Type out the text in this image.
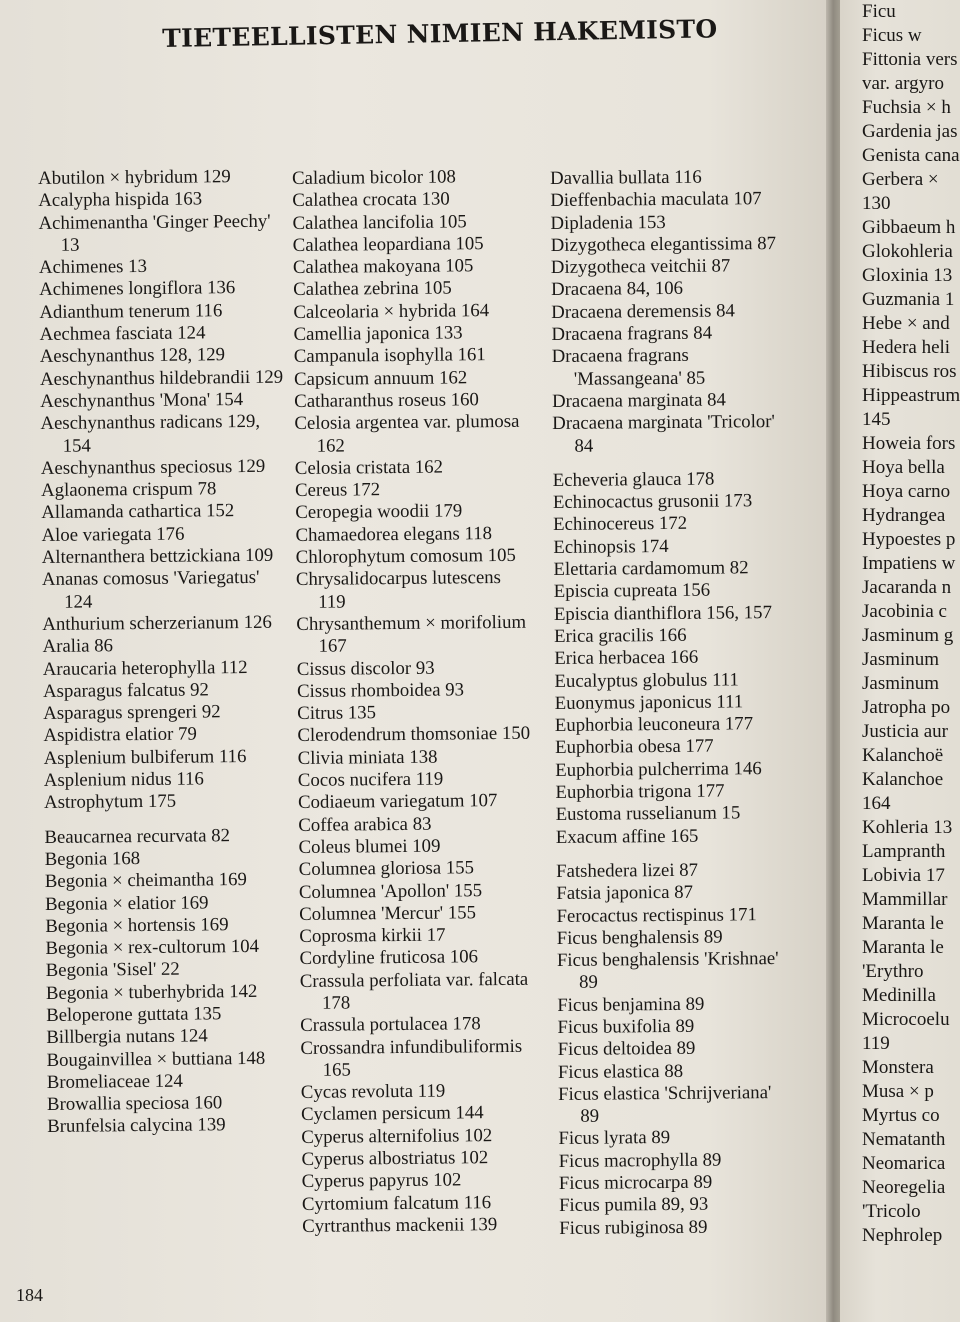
TIETEELLISTEN NIMIEN HAKEMISTO
Abutilon × hybridum 129
Acalypha hispida 163
Achimenantha 'Ginger Peechy' 13
Achimenes 13
Achimenes longiflora 136
Adianthum tenerum 116
Aechmea fasciata 124
Aeschynanthus 128, 129
Aeschynanthus hildebrandii 129
Aeschynanthus 'Mona' 154
Aeschynanthus radicans 129, 154
Aeschynanthus speciosus 129
Aglaonema crispum 78
Allamanda cathartica 152
Aloe variegata 176
Alternanthera bettzickiana 109
Ananas comosus 'Variegatus' 124
Anthurium scherzerianum 126
Aralia 86
Araucaria heterophylla 112
Asparagus falcatus 92
Asparagus sprengeri 92
Aspidistra elatior 79
Asplenium bulbiferum 116
Asplenium nidus 116
Astrophytum 175
Beaucarnea recurvata 82
Begonia 168
Begonia × cheimantha 169
Begonia × elatior 169
Begonia × hortensis 169
Begonia × rex-cultorum 104
Begonia 'Sisel' 22
Begonia × tuberhybrida 142
Beloperone guttata 135
Billbergia nutans 124
Bougainvillea × buttiana 148
Bromeliaceae 124
Browallia speciosa 160
Brunfelsia calycina 139
Caladium bicolor 108
Calathea crocata 130
Calathea lancifolia 105
Calathea leopardiana 105
Calathea makoyana 105
Calathea zebrina 105
Calceolaria × hybrida 164
Camellia japonica 133
Campanula isophylla 161
Capsicum annuum 162
Catharanthus roseus 160
Celosia argentea var. plumosa 162
Celosia cristata 162
Cereus 172
Ceropegia woodii 179
Chamaedorea elegans 118
Chlorophytum comosum 105
Chrysalidocarpus lutescens 119
Chrysanthemum × morifolium 167
Cissus discolor 93
Cissus rhomboidea 93
Citrus 135
Clerodendrum thomsoniae 150
Clivia miniata 138
Cocos nucifera 119
Codiaeum variegatum 107
Coffea arabica 83
Coleus blumei 109
Columnea gloriosa 155
Columnea 'Apollon' 155
Columnea 'Mercur' 155
Coprosma kirkii 17
Cordyline fruticosa 106
Crassula perfoliata var. falcata 178
Crassula portulacea 178
Crossandra infundibuliformis 165
Cycas revoluta 119
Cyclamen persicum 144
Cyperus alternifolius 102
Cyperus albostriatus 102
Cyperus papyrus 102
Cyrtomium falcatum 116
Cyrtranthus mackenii 139
Davallia bullata 116
Dieffenbachia maculata 107
Dipladenia 153
Dizygotheca elegantissima 87
Dizygotheca veitchii 87
Dracaena 84, 106
Dracaena deremensis 84
Dracaena fragrans 84
Dracaena fragrans 'Massangeana' 85
Dracaena marginata 84
Dracaena marginata 'Tricolor' 84
Echeveria glauca 178
Echinocactus grusonii 173
Echinocereus 172
Echinopsis 174
Elettaria cardamomum 82
Episcia cupreata 156
Episcia dianthiflora 156, 157
Erica gracilis 166
Erica herbacea 166
Eucalyptus globulus 111
Euonymus japonicus 111
Euphorbia leuconeura 177
Euphorbia obesa 177
Euphorbia pulcherrima 146
Euphorbia trigona 177
Eustoma russelianum 15
Exacum affine 165
Fatshedera lizei 87
Fatsia japonica 87
Ferocactus rectispinus 171
Ficus benghalensis 89
Ficus benghalensis 'Krishnae' 89
Ficus benjamina 89
Ficus buxifolia 89
Ficus deltoidea 89
Ficus elastica 88
Ficus elastica 'Schrijveriana' 89
Ficus lyrata 89
Ficus macrophylla 89
Ficus microcarpa 89
Ficus pumila 89, 93
Ficus rubiginosa 89
184
Ficu
Ficus w
Fittonia vers
var. argyro
Fuchsia × h
Gardenia jas
Genista cana
Gerbera ×
130
Gibbaeum h
Glokohleria
Gloxinia 13
Guzmania 1
Hebe × and
Hedera heli
Hibiscus ros
Hippeastrum
145
Howeia fors
Hoya bella
Hoya carno
Hydrangea
Hypoestes p
Impatiens w
Jacaranda n
Jacobinia c
Jasminum g
Jasminum
Jasminum
Jatropha po
Justicia aur
Kalanchoë
Kalanchoe
164
Kohleria 13
Lampranth
Lobivia 17
Mammillar
Maranta le
Maranta le
'Erythro
Medinilla
Microcoelu
119
Monstera
Musa × p
Myrtus co
Nematanth
Neomarica
Neoregelia
'Tricolo
Nephrolep
